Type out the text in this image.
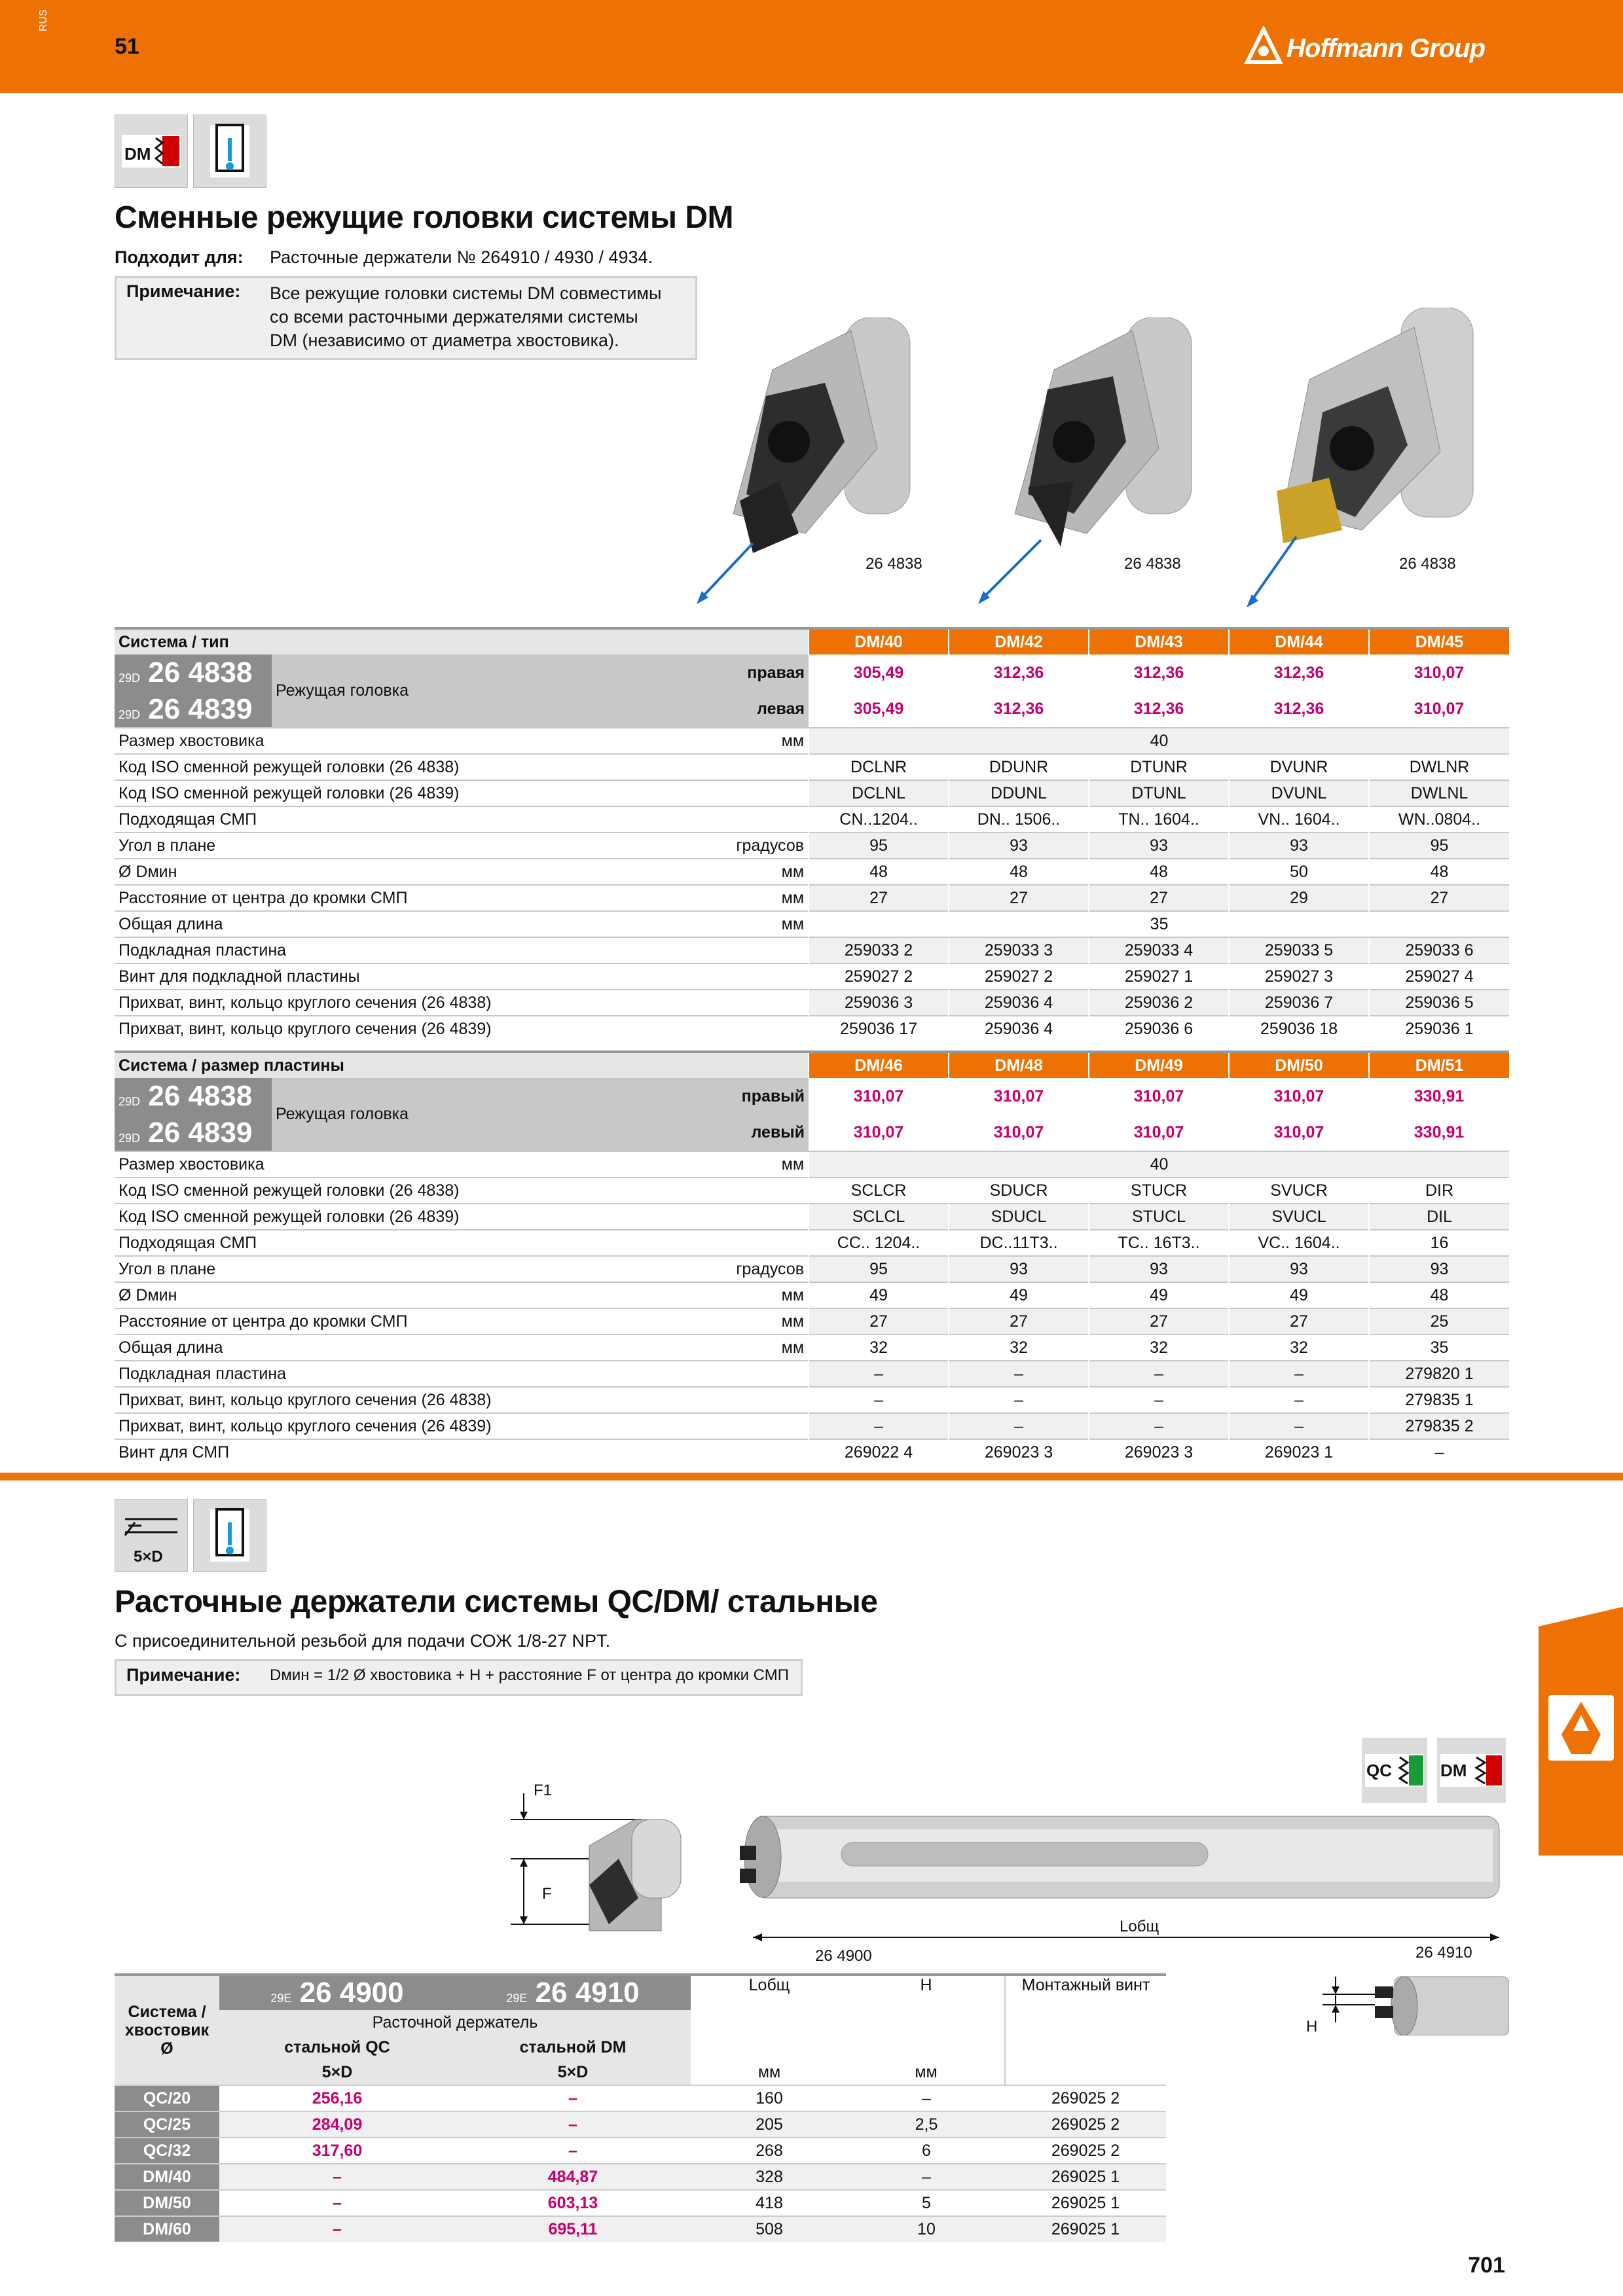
RUS
51	Hoffmann Group
DM
Сменные режущие головки системы DM
Подходит для: Расточные держатели № 264910 / 4930 / 4934.
Примечание: Все режущие головки системы DM совместимы
со всеми расточными держателями системы
DM (независимо от диаметра хвостовика).
26 4838	26 4838	26 4838
Система / тип			DM/40	DM/42	DM/43	DM/44	DM/45
29D 26 4838	Режущая головка	правая	305,49	312,36	312,36	312,36	310,07
29D 26 4839		левая	305,49	312,36	312,36	312,36	310,07
Размер хвостовика		мм	40				
Код ISO сменной режущей головки (26 4838)			DCLNR	DDUNR	DTUNR	DVUNR	DWLNR
Код ISO сменной режущей головки (26 4839)			DCLNL	DDUNL	DTUNL	DVUNL	DWLNL
Подходящая СМП			CN..1204..	DN.. 1506..	TN.. 1604..	VN.. 1604..	WN..0804..
Угол в плане		градусов	95	93	93	93	95
Ø Dмин		мм	48	48	48	50	48
Расстояние от центра до кромки СМП		мм	27	27	27	29	27
Общая длина		мм	35				
Подкладная пластина			259033 2	259033 3	259033 4	259033 5	259033 6
Винт для подкладной пластины			259027 2	259027 2	259027 1	259027 3	259027 4
Прихват, винт, кольцо круглого сечения (26 4838)			259036 3	259036 4	259036 2	259036 7	259036 5
Прихват, винт, кольцо круглого сечения (26 4839)			259036 17	259036 4	259036 6	259036 18	259036 1
Система / размер пластины			DM/46	DM/48	DM/49	DM/50	DM/51
29D 26 4838	Режущая головка	правый	310,07	310,07	310,07	310,07	330,91
29D 26 4839		левый	310,07	310,07	310,07	310,07	330,91
Размер хвостовика		мм	40				
Код ISO сменной режущей головки (26 4838)			SCLCR	SDUCR	STUCR	SVUCR	DIR
Код ISO сменной режущей головки (26 4839)			SCLCL	SDUCL	STUCL	SVUCL	DIL
Подходящая СМП			CC.. 1204..	DC..11T3..	TC.. 16T3..	VC.. 1604..	16
Угол в плане		градусов	95	93	93	93	93
Ø Dмин		мм	49	49	49	49	48
Расстояние от центра до кромки СМП		мм	27	27	27	27	25
Общая длина		мм	32	32	32	32	35
Подкладная пластина			–	–	–	–	279820 1
Прихват, винт, кольцо круглого сечения (26 4838)			–	–	–	–	279835 1
Прихват, винт, кольцо круглого сечения (26 4839)			–	–	–	–	279835 2
Винт для СМП			269022 4	269023 3	269023 3	269023 1	–
5×D
Расточные держатели системы QC/DM/ стальные
С присоединительной резьбой для подачи СОЖ 1/8-27 NPT.
Примечание: Dмин = 1/2 Ø хвостовика + H + расстояние F от центра до кромки СМП
QC	DM
F1
F
Lобщ
26 4900	26 4910
H
Система / хвостовик Ø	29E 26 4900	29E 26 4910	Lобщ	H	Монтажный винт
	Расточной держатель				
	стальной QC	стальной DM			
	5×D	5×D	мм	мм	
QC/20	256,16	–	160	–	269025 2
QC/25	284,09	–	205	2,5	269025 2
QC/32	317,60	–	268	6	269025 2
DM/40	–	484,87	328	–	269025 1
DM/50	–	603,13	418	5	269025 1
DM/60	–	695,11	508	10	269025 1
701
